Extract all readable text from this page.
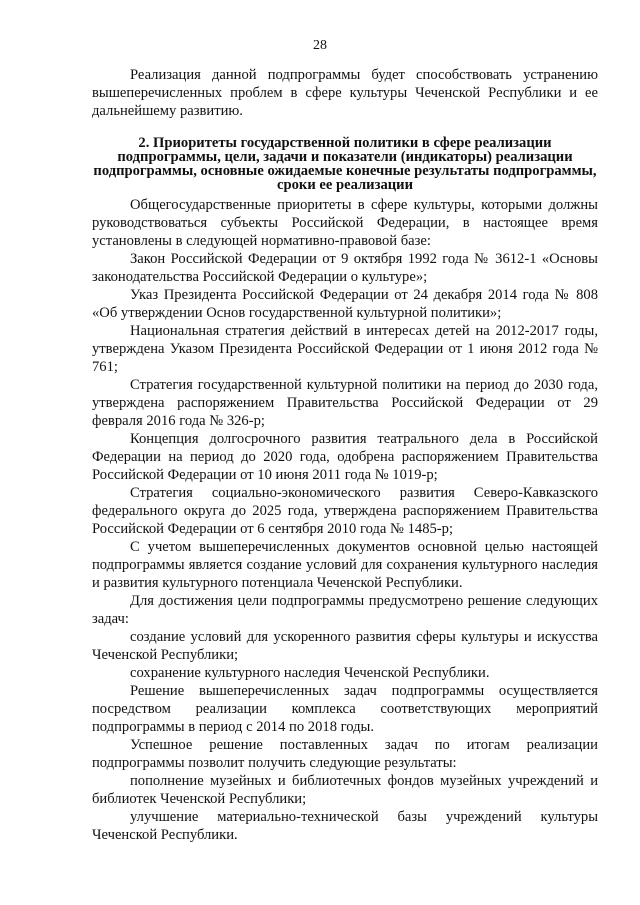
28

Реализация данной подпрограммы будет способствовать устранению вышеперечисленных проблем в сфере культуры Чеченской Республики и ее дальнейшему развитию.

2. Приоритеты государственной политики в сфере реализации подпрограммы, цели, задачи и показатели (индикаторы) реализации подпрограммы, основные ожидаемые конечные результаты подпрограммы, сроки ее реализации

Общегосударственные приоритеты в сфере культуры, которыми должны руководствоваться субъекты Российской Федерации, в настоящее время установлены в следующей нормативно-правовой базе:

Закон Российской Федерации от 9 октября 1992 года № 3612-1 «Основы законодательства Российской Федерации о культуре»;

Указ Президента Российской Федерации от 24 декабря 2014 года № 808 «Об утверждении Основ государственной культурной политики»;

Национальная стратегия действий в интересах детей на 2012-2017 годы, утверждена Указом Президента Российской Федерации от 1 июня 2012 года № 761;

Стратегия государственной культурной политики на период до 2030 года, утверждена распоряжением Правительства Российской Федерации от 29 февраля 2016 года № 326-р;

Концепция долгосрочного развития театрального дела в Российской Федерации на период до 2020 года, одобрена распоряжением Правительства Российской Федерации от 10 июня 2011 года № 1019-р;

Стратегия социально-экономического развития Северо-Кавказского федерального округа до 2025 года, утверждена распоряжением Правительства Российской Федерации от 6 сентября 2010 года № 1485-р;

С учетом вышеперечисленных документов основной целью настоящей подпрограммы является создание условий для сохранения культурного наследия и развития культурного потенциала Чеченской Республики.

Для достижения цели подпрограммы предусмотрено решение следующих задач:

создание условий для ускоренного развития сферы культуры и искусства Чеченской Республики;

сохранение культурного наследия Чеченской Республики.

Решение вышеперечисленных задач подпрограммы осуществляется посредством реализации комплекса соответствующих мероприятий подпрограммы в период с 2014 по 2018 годы.

Успешное решение поставленных задач по итогам реализации подпрограммы позволит получить следующие результаты:

пополнение музейных и библиотечных фондов музейных учреждений и библиотек Чеченской Республики;

улучшение материально-технической базы учреждений культуры Чеченской Республики.
